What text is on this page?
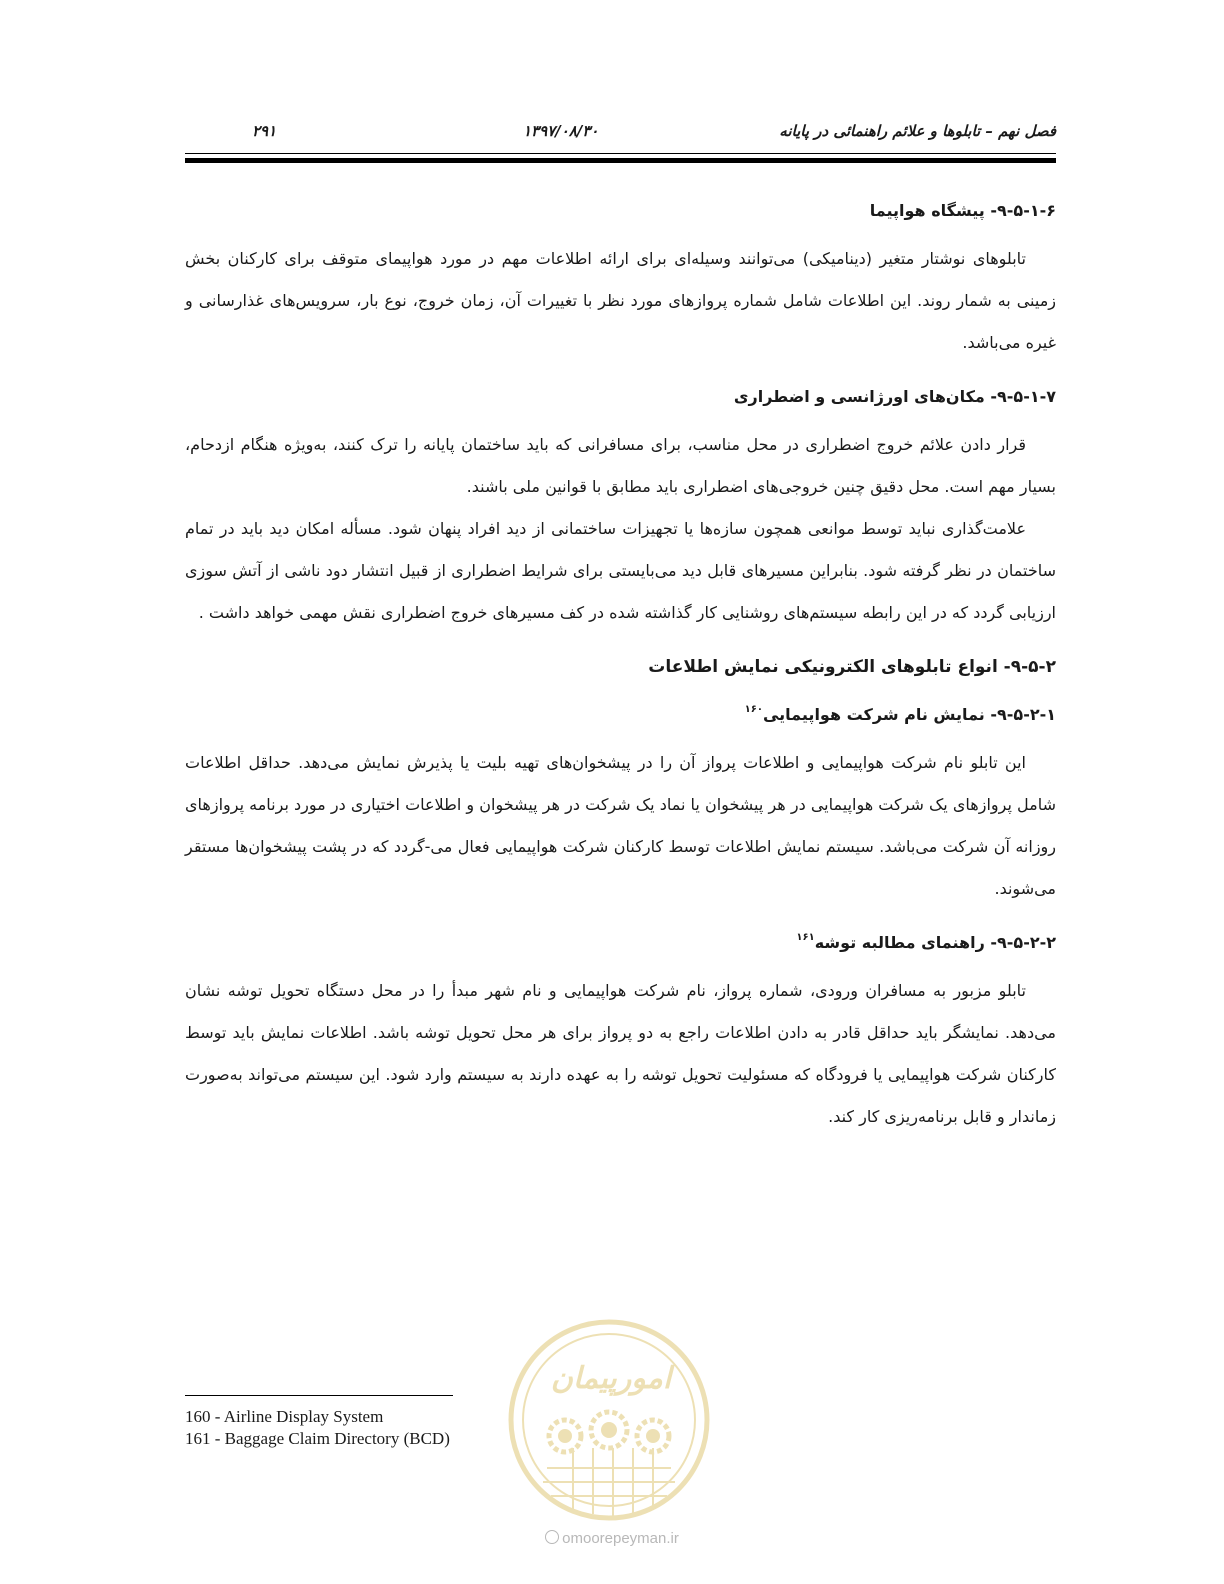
فصل نهم – تابلوها و علائم راهنمائی در پایانه
۱۳۹۷/۰۸/۳۰
۲۹۱
۹-۵-۱-۶- پیشگاه هواپیما

تابلوهای نوشتار متغیر (دینامیکی) می‌توانند وسیله‌ای برای ارائه اطلاعات مهم در مورد هواپیمای متوقف برای کارکنان بخش زمینی به شمار روند. این اطلاعات شامل شماره پروازهای مورد نظر با تغییرات آن، زمان خروج، نوع بار، سرویس‌های غذارسانی و غیره می‌باشد.

۹-۵-۱-۷- مکان‌های اورژانسی و اضطراری

قرار دادن علائم خروج اضطراری در محل مناسب، برای مسافرانی که باید ساختمان پایانه را ترک کنند، به‌ویژه هنگام ازدحام، بسیار مهم است. محل دقیق چنین خروجی‌های اضطراری باید مطابق با قوانین ملی باشند.

علامت‌گذاری نباید توسط موانعی همچون سازه‌ها یا تجهیزات ساختمانی از دید افراد پنهان شود. مسأله امکان دید باید در تمام ساختمان در نظر گرفته شود. بنابراین مسیرهای قابل دید می‌بایستی برای شرایط اضطراری از قبیل انتشار دود ناشی از آتش سوزی ارزیابی گردد که در این رابطه سیستم‌های روشنایی کار گذاشته شده در کف مسیرهای خروج اضطراری نقش مهمی خواهد داشت .

۹-۵-۲- انواع تابلوهای الکترونیکی نمایش اطلاعات
۹-۵-۲-۱- نمایش نام شرکت هواپیمایی$^{۱۶۰}$

این تابلو نام شرکت هواپیمایی و اطلاعات پرواز آن را در پیشخوان‌های تهیه بلیت یا پذیرش نمایش می‌دهد. حداقل اطلاعات شامل پروازهای یک شرکت هواپیمایی در هر پیشخوان یا نماد یک شرکت در هر پیشخوان و اطلاعات اختیاری در مورد برنامه پروازهای روزانه آن شرکت می‌باشد. سیستم نمایش اطلاعات توسط کارکنان شرکت هواپیمایی فعال می-گردد که در پشت پیشخوان‌ها مستقر می‌شوند.

۹-۵-۲-۲- راهنمای مطالبه توشه$^{۱۶۱}$

تابلو مزبور به مسافران ورودی، شماره پرواز، نام شرکت هواپیمایی و نام شهر مبدأ را در محل دستگاه تحویل توشه نشان می‌دهد. نمایشگر باید حداقل قادر به دادن اطلاعات راجع به دو پرواز برای هر محل تحویل توشه باشد. اطلاعات نمایش باید توسط کارکنان شرکت هواپیمایی یا فرودگاه که مسئولیت تحویل توشه را به عهده دارند به سیستم وارد شود. این سیستم می‌تواند به‌صورت زماندار و قابل برنامه‌ریزی کار کند.

امورپیمان
omoorepeyman.ir
160 - Airline Display System
161 - Baggage Claim Directory (BCD)
